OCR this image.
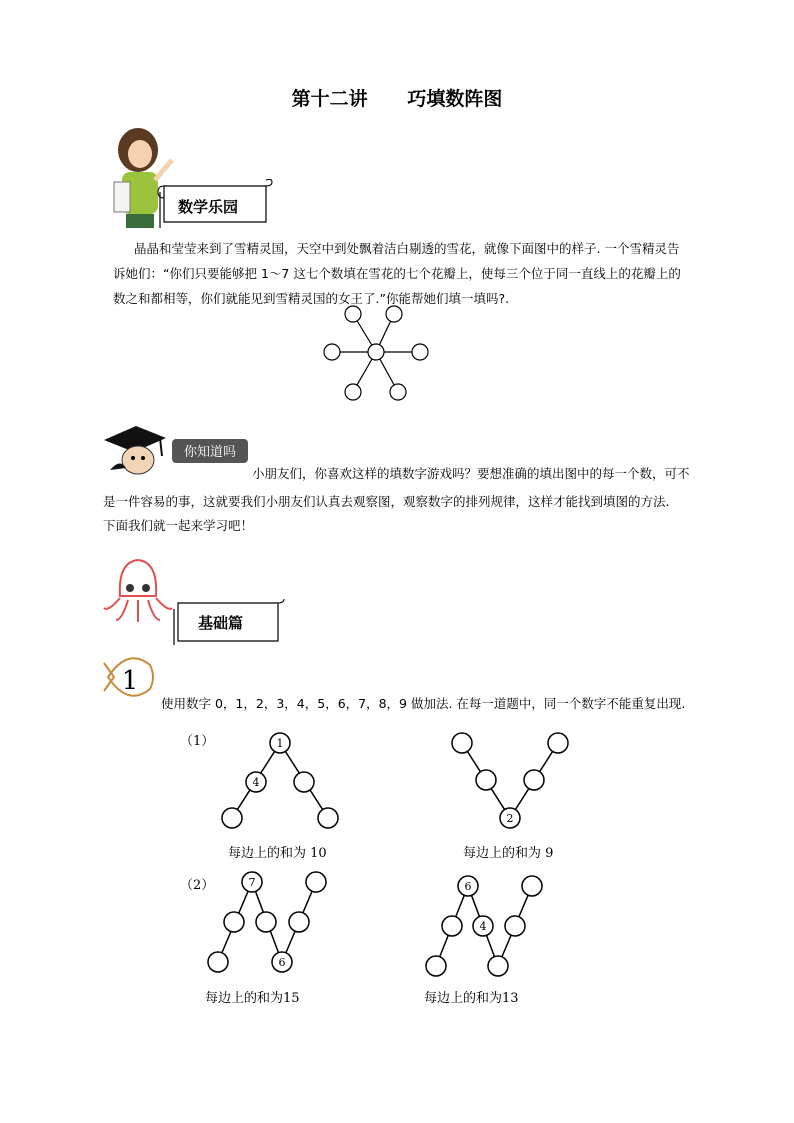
第十二讲      巧填数阵图
数学乐园
晶晶和莹莹来到了雪精灵国，天空中到处飘着洁白剔透的雪花，就像下面图中的样子. 一个雪精灵告
诉她们：“你们只要能够把 1～7 这七个数填在雪花的七个花瓣上，使每三个位于同一直线上的花瓣上的
数之和都相等，你们就能见到雪精灵国的女王了.”你能帮她们填一填吗?.
你知道吗
小朋友们，你喜欢这样的填数字游戏吗？要想准确的填出图中的每一个数，可不
是一件容易的事，这就要我们小朋友们认真去观察图，观察数字的排列规律，这样才能找到填图的方法.
下面我们就一起来学习吧！
基础篇
1
使用数字 0，1，2，3，4，5，6，7，8，9 做加法. 在每一道题中，同一个数字不能重复出现.
（1）
（2）
1
4
每边上的和为 10
2
每边上的和为 9
7
6
每边上的和为15
6
4
每边上的和为13
